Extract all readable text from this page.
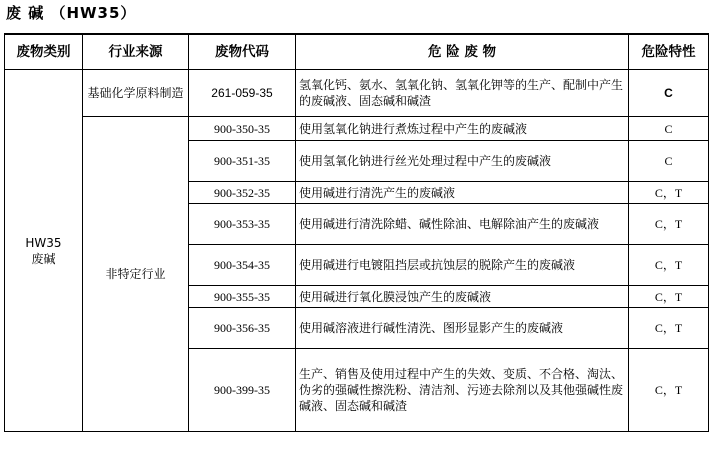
废 碱 （HW35）
废物类别	行业来源	废物代码	危 险 废 物	危险特性

HW35
废碱	基础化学原料制造	261-059-35	氢氧化钙、氨水、氢氧化钠、氢氧化钾等的生产、配制中产生的废碱液、固态碱和碱渣	C
	非特定行业	900-350-35	使用氢氧化钠进行煮炼过程中产生的废碱液	C
		900-351-35	使用氢氧化钠进行丝光处理过程中产生的废碱液	C
		900-352-35	使用碱进行清洗产生的废碱液	C，T
		900-353-35	使用碱进行清洗除蜡、碱性除油、电解除油产生的废碱液	C，T
		900-354-35	使用碱进行电镀阻挡层或抗蚀层的脱除产生的废碱液	C，T
		900-355-35	使用碱进行氧化膜浸蚀产生的废碱液	C，T
		900-356-35	使用碱溶液进行碱性清洗、图形显影产生的废碱液	C，T
		900-399-35	生产、销售及使用过程中产生的失效、变质、不合格、淘汰、伪劣的强碱性擦洗粉、清洁剂、污迹去除剂以及其他强碱性废碱液、固态碱和碱渣	C，T
